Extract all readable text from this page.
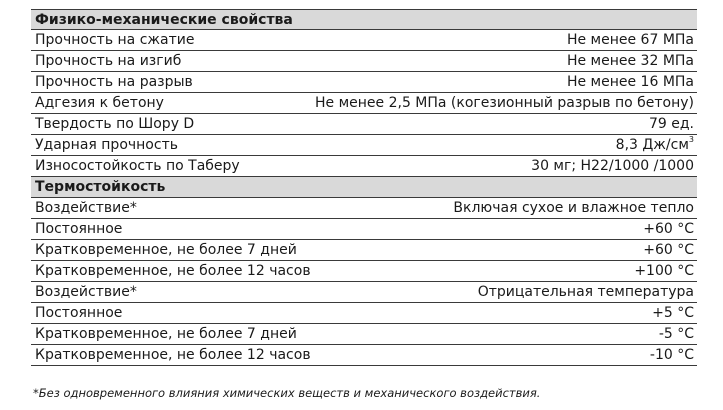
Физико-механические свойства
Прочность на сжатие	Не менее 67 МПа
Прочность на изгиб	Не менее 32 МПа
Прочность на разрыв	Не менее 16 МПа
Адгезия к бетону	Не менее 2,5 МПа (когезионный разрыв по бетону)
Твердость по Шору D	79 ед.
Ударная прочность	8,3 $Дж/см^3$
Износостойкость по Таберу	30 мг; H22/1000 /1000
Термостойкость
Воздействие*	Включая сухое и влажное тепло
Постоянное	+60 °C
Кратковременное, не более 7 дней	+60 °C
Кратковременное, не более 12 часов	+100 °C
Воздействие*	Отрицательная температура
Постоянное	+5 °C
Кратковременное, не более 7 дней	-5 °C
Кратковременное, не более 12 часов	-10 °C
*Без одновременного влияния химических веществ и механического воздействия.
